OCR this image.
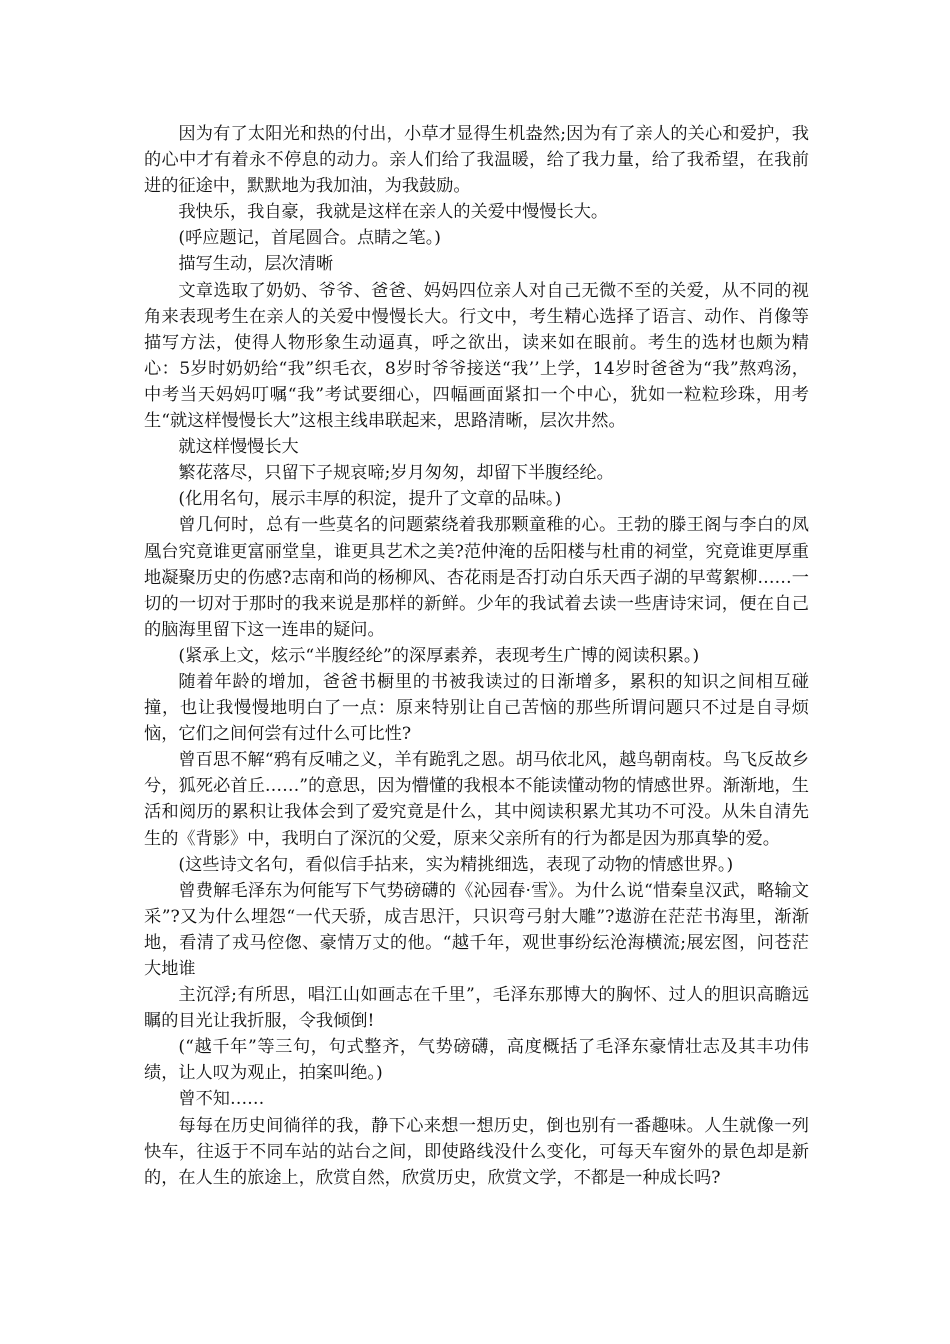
因为有了太阳光和热的付出，小草才显得生机盎然;因为有了亲人的关心和爱护，我的心中才有着永不停息的动力。亲人们给了我温暖，给了我力量，给了我希望，在我前进的征途中，默默地为我加油，为我鼓励。

我快乐，我自豪，我就是这样在亲人的关爱中慢慢长大。

(呼应题记，首尾圆合。点睛之笔。)

描写生动，层次清晰

文章选取了奶奶、爷爷、爸爸、妈妈四位亲人对自己无微不至的关爱，从不同的视角来表现考生在亲人的关爱中慢慢长大。行文中，考生精心选择了语言、动作、肖像等描写方法，使得人物形象生动逼真，呼之欲出，读来如在眼前。考生的选材也颇为精心：5岁时奶奶给“我”织毛衣，8岁时爷爷接送“我’’上学，14岁时爸爸为“我”熬鸡汤，中考当天妈妈叮嘱“我”考试要细心，四幅画面紧扣一个中心，犹如一粒粒珍珠，用考生“就这样慢慢长大”这根主线串联起来，思路清晰，层次井然。

就这样慢慢长大

繁花落尽，只留下子规哀啼;岁月匆匆，却留下半腹经纶。

(化用名句，展示丰厚的积淀，提升了文章的品味。)

曾几何时，总有一些莫名的问题萦绕着我那颗童稚的心。王勃的滕王阁与李白的凤凰台究竟谁更富丽堂皇，谁更具艺术之美?范仲淹的岳阳楼与杜甫的祠堂，究竟谁更厚重地凝聚历史的伤感?志南和尚的杨柳风、杏花雨是否打动白乐天西子湖的早莺絮柳……一切的一切对于那时的我来说是那样的新鲜。少年的我试着去读一些唐诗宋词，便在自己的脑海里留下这一连串的疑问。

(紧承上文，炫示“半腹经纶”的深厚素养，表现考生广博的阅读积累。)

随着年龄的增加，爸爸书橱里的书被我读过的日渐增多，累积的知识之间相互碰撞，也让我慢慢地明白了一点：原来特别让自己苦恼的那些所谓问题只不过是自寻烦恼，它们之间何尝有过什么可比性?

曾百思不解“鸦有反哺之义，羊有跪乳之恩。胡马依北风，越鸟朝南枝。鸟飞反故乡兮，狐死必首丘……”的意思，因为懵懂的我根本不能读懂动物的情感世界。渐渐地，生活和阅历的累积让我体会到了爱究竟是什么，其中阅读积累尤其功不可没。从朱自清先生的《背影》中，我明白了深沉的父爱，原来父亲所有的行为都是因为那真挚的爱。

(这些诗文名句，看似信手拈来，实为精挑细选，表现了动物的情感世界。)

曾费解毛泽东为何能写下气势磅礴的《沁园春·雪》。为什么说“惜秦皇汉武，略输文采”?又为什么埋怨“一代天骄，成吉思汗，只识弯弓射大雕”?遨游在茫茫书海里，渐渐地，看清了戎马倥偬、豪情万丈的他。“越千年，观世事纷纭沧海横流;展宏图，问苍茫大地谁

主沉浮;有所思，唱江山如画志在千里”，毛泽东那博大的胸怀、过人的胆识高瞻远瞩的目光让我折服，令我倾倒!

(“越千年”等三句，句式整齐，气势磅礴，高度概括了毛泽东豪情壮志及其丰功伟绩，让人叹为观止，拍案叫绝。)

曾不知……

每每在历史间徜徉的我，静下心来想一想历史，倒也别有一番趣味。人生就像一列快车，往返于不同车站的站台之间，即使路线没什么变化，可每天车窗外的景色却是新的，在人生的旅途上，欣赏自然，欣赏历史，欣赏文学，不都是一种成长吗?
